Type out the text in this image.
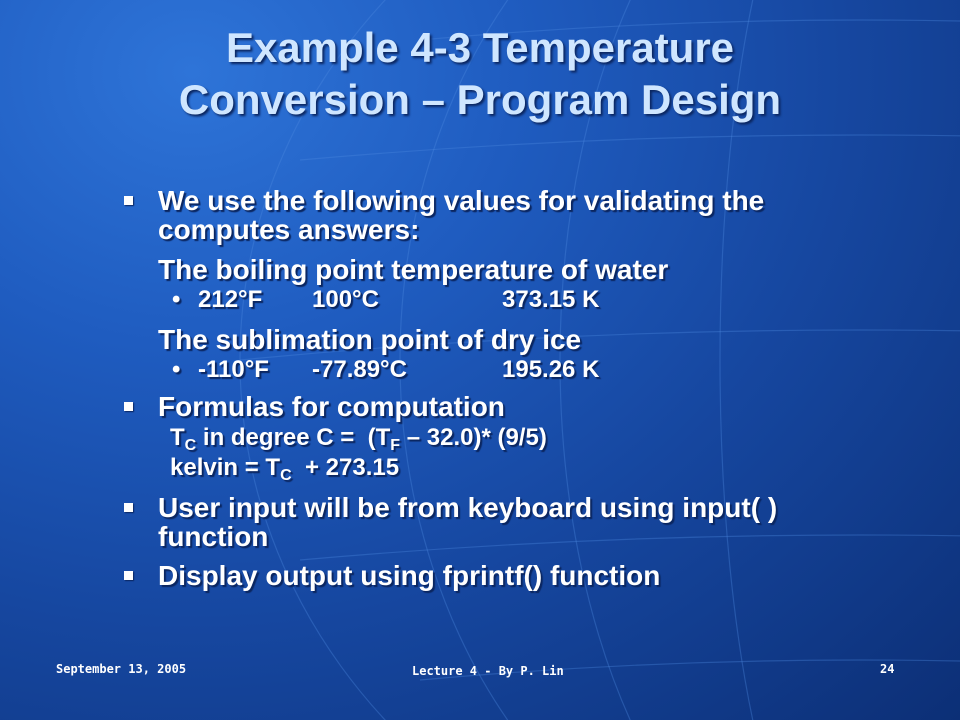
Example 4-3 Temperature
Conversion – Program Design
We use the following values for validating the
computes answers:
The boiling point temperature of water
• 212°F 100°C	373.15 K
The sublimation point of dry ice
• -110°F -77.89°C	195.26 K
Formulas for computation
$T_C$ in degree $C = (T_F - 32.0)*$ (9/5)
kelvin = $T_C + 273.15$
User input will be from keyboard using input( )
function
Display output using fprintf() function
September 13, 2005	Lecture 4 - By P. Lin	24
